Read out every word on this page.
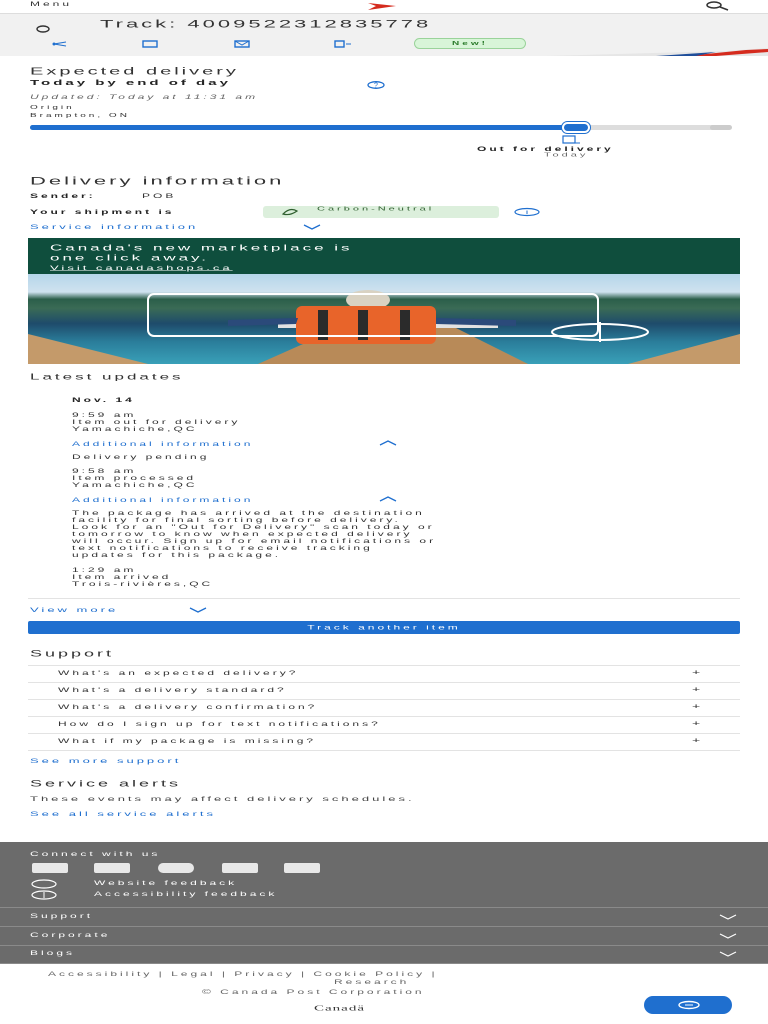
Menu
Track: 4009522312835778
New!
Expected delivery
Today by end of day	?
Updated: Today at 11:31 am
Origin
Brampton, ON
Out for delivery
Today
Delivery information
Sender:	POB
Your shipment is	Carbon-Neutral
Service information
Canada's new marketplace is
one click away.
Visit canadashops.ca
Latest updates
Nov. 14
9:59 am
Item out for delivery
Yamachiche,QC
Additional information
Delivery pending
9:58 am
Item processed
Yamachiche,QC
Additional information
The package has arrived at the destination
facility for final sorting before delivery.
Look for an "Out for Delivery" scan today or
tomorrow to know when expected delivery
will occur. Sign up for email notifications or
text notifications to receive tracking
updates for this package.
1:29 am
Item arrived
Trois-rivières,QC
View more
Track another item
Support
What's an expected delivery?	+
What's a delivery standard?	+
What's a delivery confirmation?	+
How do I sign up for text notifications?	+
What if my package is missing?	+
See more support
Service alerts
These events may affect delivery schedules.
See all service alerts
Connect with us
Website feedback
Accessibility feedback
Support
Corporate
Blogs
Accessibility | Legal | Privacy | Cookie Policy |
Research
© Canada Post Corporation
Canadä
